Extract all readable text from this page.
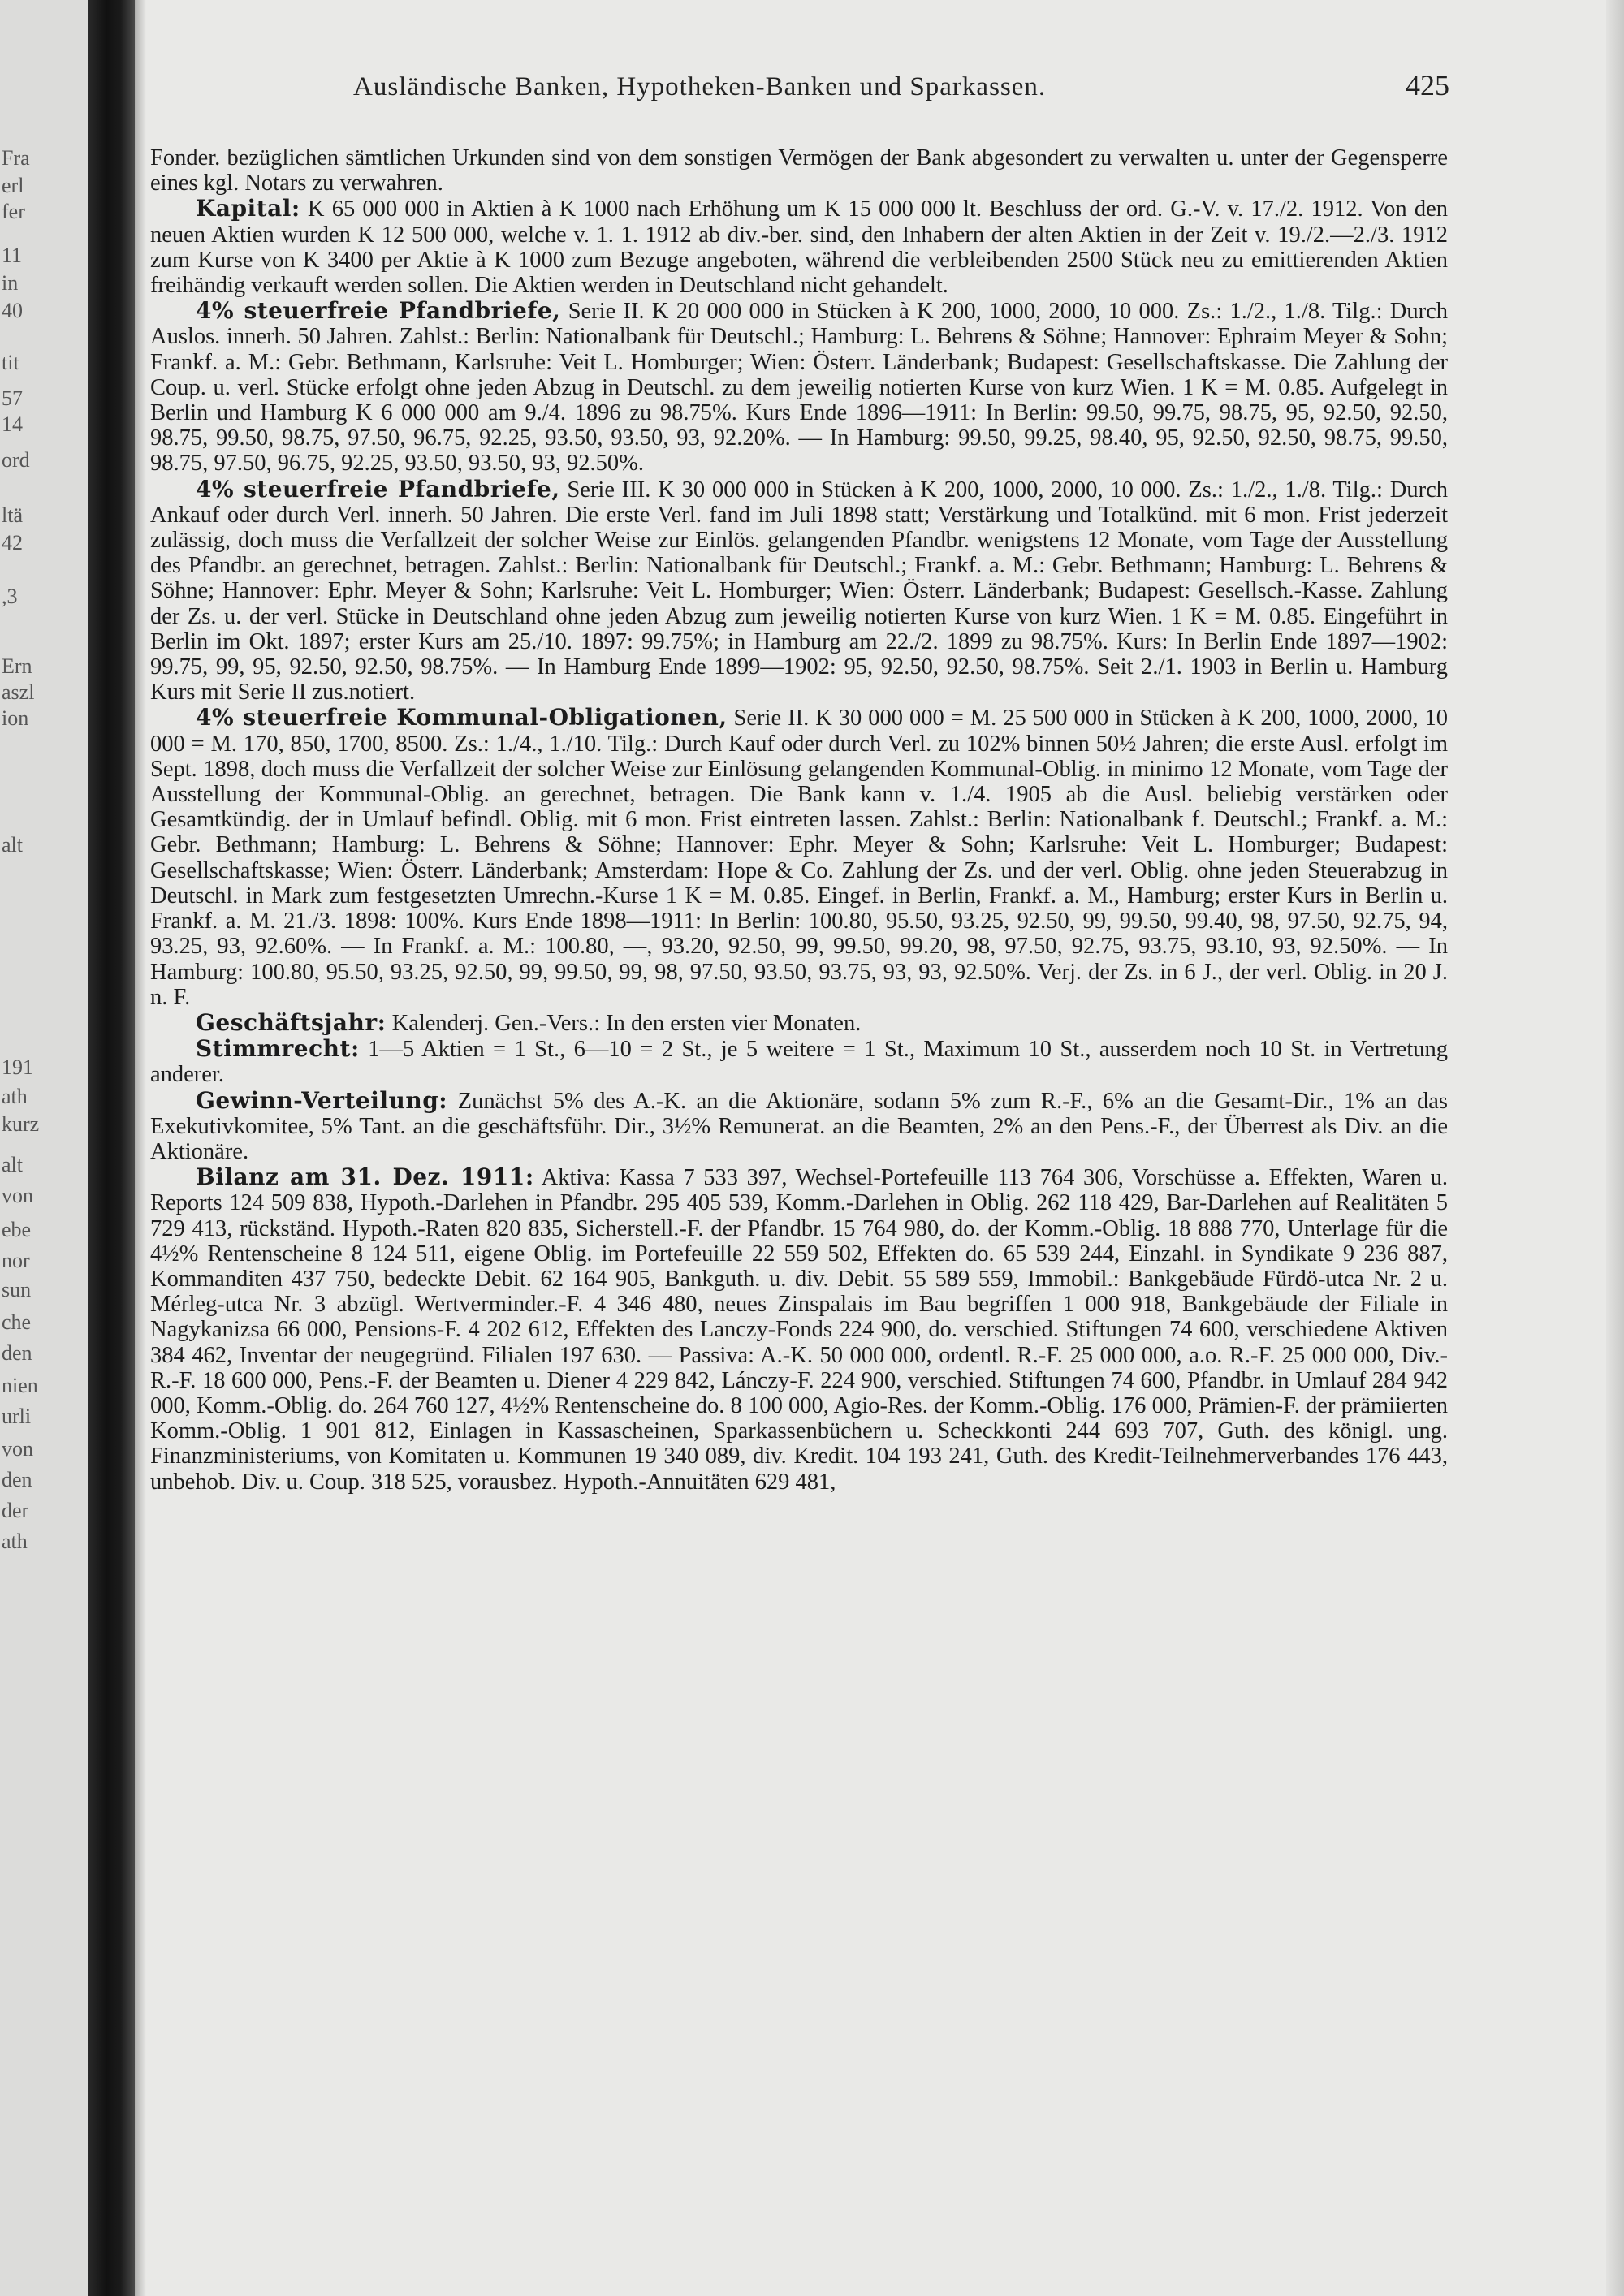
Fra
erl
fer
11
in
40
tit
57
14
ord
ltä
42
,3
Ern
aszl
ion
alt
191
ath
kurz
alt
von
ebe
nor
sun
che
den
nien
urli
von
den
der
ath
Ausländische Banken, Hypotheken-Banken und Sparkassen.	425

Fonder. bezüglichen sämtlichen Urkunden sind von dem sonstigen Vermögen der Bank abgesondert zu verwalten u. unter der Gegensperre eines kgl. Notars zu verwahren.

Kapital: K 65 000 000 in Aktien à K 1000 nach Erhöhung um K 15 000 000 lt. Beschluss der ord. G.-V. v. 17./2. 1912. Von den neuen Aktien wurden K 12 500 000, welche v. 1. 1. 1912 ab div.-ber. sind, den Inhabern der alten Aktien in der Zeit v. 19./2.—2./3. 1912 zum Kurse von K 3400 per Aktie à K 1000 zum Bezuge angeboten, während die verbleibenden 2500 Stück neu zu emittierenden Aktien freihändig verkauft werden sollen. Die Aktien werden in Deutschland nicht gehandelt.

4% steuerfreie Pfandbriefe, Serie II. K 20 000 000 in Stücken à K 200, 1000, 2000, 10 000. Zs.: 1./2., 1./8. Tilg.: Durch Auslos. innerh. 50 Jahren. Zahlst.: Berlin: Nationalbank für Deutschl.; Hamburg: L. Behrens & Söhne; Hannover: Ephraim Meyer & Sohn; Frankf. a. M.: Gebr. Bethmann, Karlsruhe: Veit L. Homburger; Wien: Österr. Länderbank; Budapest: Gesellschaftskasse. Die Zahlung der Coup. u. verl. Stücke erfolgt ohne jeden Abzug in Deutschl. zu dem jeweilig notierten Kurse von kurz Wien. 1 K = M. 0.85. Aufgelegt in Berlin und Hamburg K 6 000 000 am 9./4. 1896 zu 98.75%. Kurs Ende 1896—1911: In Berlin: 99.50, 99.75, 98.75, 95, 92.50, 92.50, 98.75, 99.50, 98.75, 97.50, 96.75, 92.25, 93.50, 93.50, 93, 92.20%. — In Hamburg: 99.50, 99.25, 98.40, 95, 92.50, 92.50, 98.75, 99.50, 98.75, 97.50, 96.75, 92.25, 93.50, 93.50, 93, 92.50%.

4% steuerfreie Pfandbriefe, Serie III. K 30 000 000 in Stücken à K 200, 1000, 2000, 10 000. Zs.: 1./2., 1./8. Tilg.: Durch Ankauf oder durch Verl. innerh. 50 Jahren. Die erste Verl. fand im Juli 1898 statt; Verstärkung und Totalkünd. mit 6 mon. Frist jederzeit zulässig, doch muss die Verfallzeit der solcher Weise zur Einlös. gelangenden Pfandbr. wenigstens 12 Monate, vom Tage der Ausstellung des Pfandbr. an gerechnet, betragen. Zahlst.: Berlin: Nationalbank für Deutschl.; Frankf. a. M.: Gebr. Bethmann; Hamburg: L. Behrens & Söhne; Hannover: Ephr. Meyer & Sohn; Karlsruhe: Veit L. Homburger; Wien: Österr. Länderbank; Budapest: Gesellsch.-Kasse. Zahlung der Zs. u. der verl. Stücke in Deutschland ohne jeden Abzug zum jeweilig notierten Kurse von kurz Wien. 1 K = M. 0.85. Eingeführt in Berlin im Okt. 1897; erster Kurs am 25./10. 1897: 99.75%; in Hamburg am 22./2. 1899 zu 98.75%. Kurs: In Berlin Ende 1897—1902: 99.75, 99, 95, 92.50, 92.50, 98.75%. — In Hamburg Ende 1899—1902: 95, 92.50, 92.50, 98.75%. Seit 2./1. 1903 in Berlin u. Hamburg Kurs mit Serie II zus.notiert.

4% steuerfreie Kommunal-Obligationen, Serie II. K 30 000 000 = M. 25 500 000 in Stücken à K 200, 1000, 2000, 10 000 = M. 170, 850, 1700, 8500. Zs.: 1./4., 1./10. Tilg.: Durch Kauf oder durch Verl. zu 102% binnen 50½ Jahren; die erste Ausl. erfolgt im Sept. 1898, doch muss die Verfallzeit der solcher Weise zur Einlösung gelangenden Kommunal-Oblig. in minimo 12 Monate, vom Tage der Ausstellung der Kommunal-Oblig. an gerechnet, betragen. Die Bank kann v. 1./4. 1905 ab die Ausl. beliebig verstärken oder Gesamtkündig. der in Umlauf befindl. Oblig. mit 6 mon. Frist eintreten lassen. Zahlst.: Berlin: Nationalbank f. Deutschl.; Frankf. a. M.: Gebr. Bethmann; Hamburg: L. Behrens & Söhne; Hannover: Ephr. Meyer & Sohn; Karlsruhe: Veit L. Homburger; Budapest: Gesellschaftskasse; Wien: Österr. Länderbank; Amsterdam: Hope & Co. Zahlung der Zs. und der verl. Oblig. ohne jeden Steuerabzug in Deutschl. in Mark zum festgesetzten Umrechn.-Kurse 1 K = M. 0.85. Eingef. in Berlin, Frankf. a. M., Hamburg; erster Kurs in Berlin u. Frankf. a. M. 21./3. 1898: 100%. Kurs Ende 1898—1911: In Berlin: 100.80, 95.50, 93.25, 92.50, 99, 99.50, 99.40, 98, 97.50, 92.75, 94, 93.25, 93, 92.60%. — In Frankf. a. M.: 100.80, —, 93.20, 92.50, 99, 99.50, 99.20, 98, 97.50, 92.75, 93.75, 93.10, 93, 92.50%. — In Hamburg: 100.80, 95.50, 93.25, 92.50, 99, 99.50, 99, 98, 97.50, 93.50, 93.75, 93, 93, 92.50%. Verj. der Zs. in 6 J., der verl. Oblig. in 20 J. n. F.

Geschäftsjahr: Kalenderj. Gen.-Vers.: In den ersten vier Monaten.

Stimmrecht: 1—5 Aktien = 1 St., 6—10 = 2 St., je 5 weitere = 1 St., Maximum 10 St., ausserdem noch 10 St. in Vertretung anderer.

Gewinn-Verteilung: Zunächst 5% des A.-K. an die Aktionäre, sodann 5% zum R.-F., 6% an die Gesamt-Dir., 1% an das Exekutivkomitee, 5% Tant. an die geschäftsführ. Dir., 3½% Remunerat. an die Beamten, 2% an den Pens.-F., der Überrest als Div. an die Aktionäre.

Bilanz am 31. Dez. 1911: Aktiva: Kassa 7 533 397, Wechsel-Portefeuille 113 764 306, Vorschüsse a. Effekten, Waren u. Reports 124 509 838, Hypoth.-Darlehen in Pfandbr. 295 405 539, Komm.-Darlehen in Oblig. 262 118 429, Bar-Darlehen auf Realitäten 5 729 413, rückständ. Hypoth.-Raten 820 835, Sicherstell.-F. der Pfandbr. 15 764 980, do. der Komm.-Oblig. 18 888 770, Unterlage für die 4½% Rentenscheine 8 124 511, eigene Oblig. im Portefeuille 22 559 502, Effekten do. 65 539 244, Einzahl. in Syndikate 9 236 887, Kommanditen 437 750, bedeckte Debit. 62 164 905, Bankguth. u. div. Debit. 55 589 559, Immobil.: Bankgebäude Fürdö-utca Nr. 2 u. Mérleg-utca Nr. 3 abzügl. Wertverminder.-F. 4 346 480, neues Zinspalais im Bau begriffen 1 000 918, Bankgebäude der Filiale in Nagykanizsa 66 000, Pensions-F. 4 202 612, Effekten des Lanczy-Fonds 224 900, do. verschied. Stiftungen 74 600, verschiedene Aktiven 384 462, Inventar der neugegründ. Filialen 197 630. — Passiva: A.-K. 50 000 000, ordentl. R.-F. 25 000 000, a.o. R.-F. 25 000 000, Div.-R.-F. 18 600 000, Pens.-F. der Beamten u. Diener 4 229 842, Lánczy-F. 224 900, verschied. Stiftungen 74 600, Pfandbr. in Umlauf 284 942 000, Komm.-Oblig. do. 264 760 127, 4½% Rentenscheine do. 8 100 000, Agio-Res. der Komm.-Oblig. 176 000, Prämien-F. der prämiierten Komm.-Oblig. 1 901 812, Einlagen in Kassascheinen, Sparkassenbüchern u. Scheckkonti 244 693 707, Guth. des königl. ung. Finanzministeriums, von Komitaten u. Kommunen 19 340 089, div. Kredit. 104 193 241, Guth. des Kredit-Teilnehmerverbandes 176 443, unbehob. Div. u. Coup. 318 525, vorausbez. Hypoth.-Annuitäten 629 481,
